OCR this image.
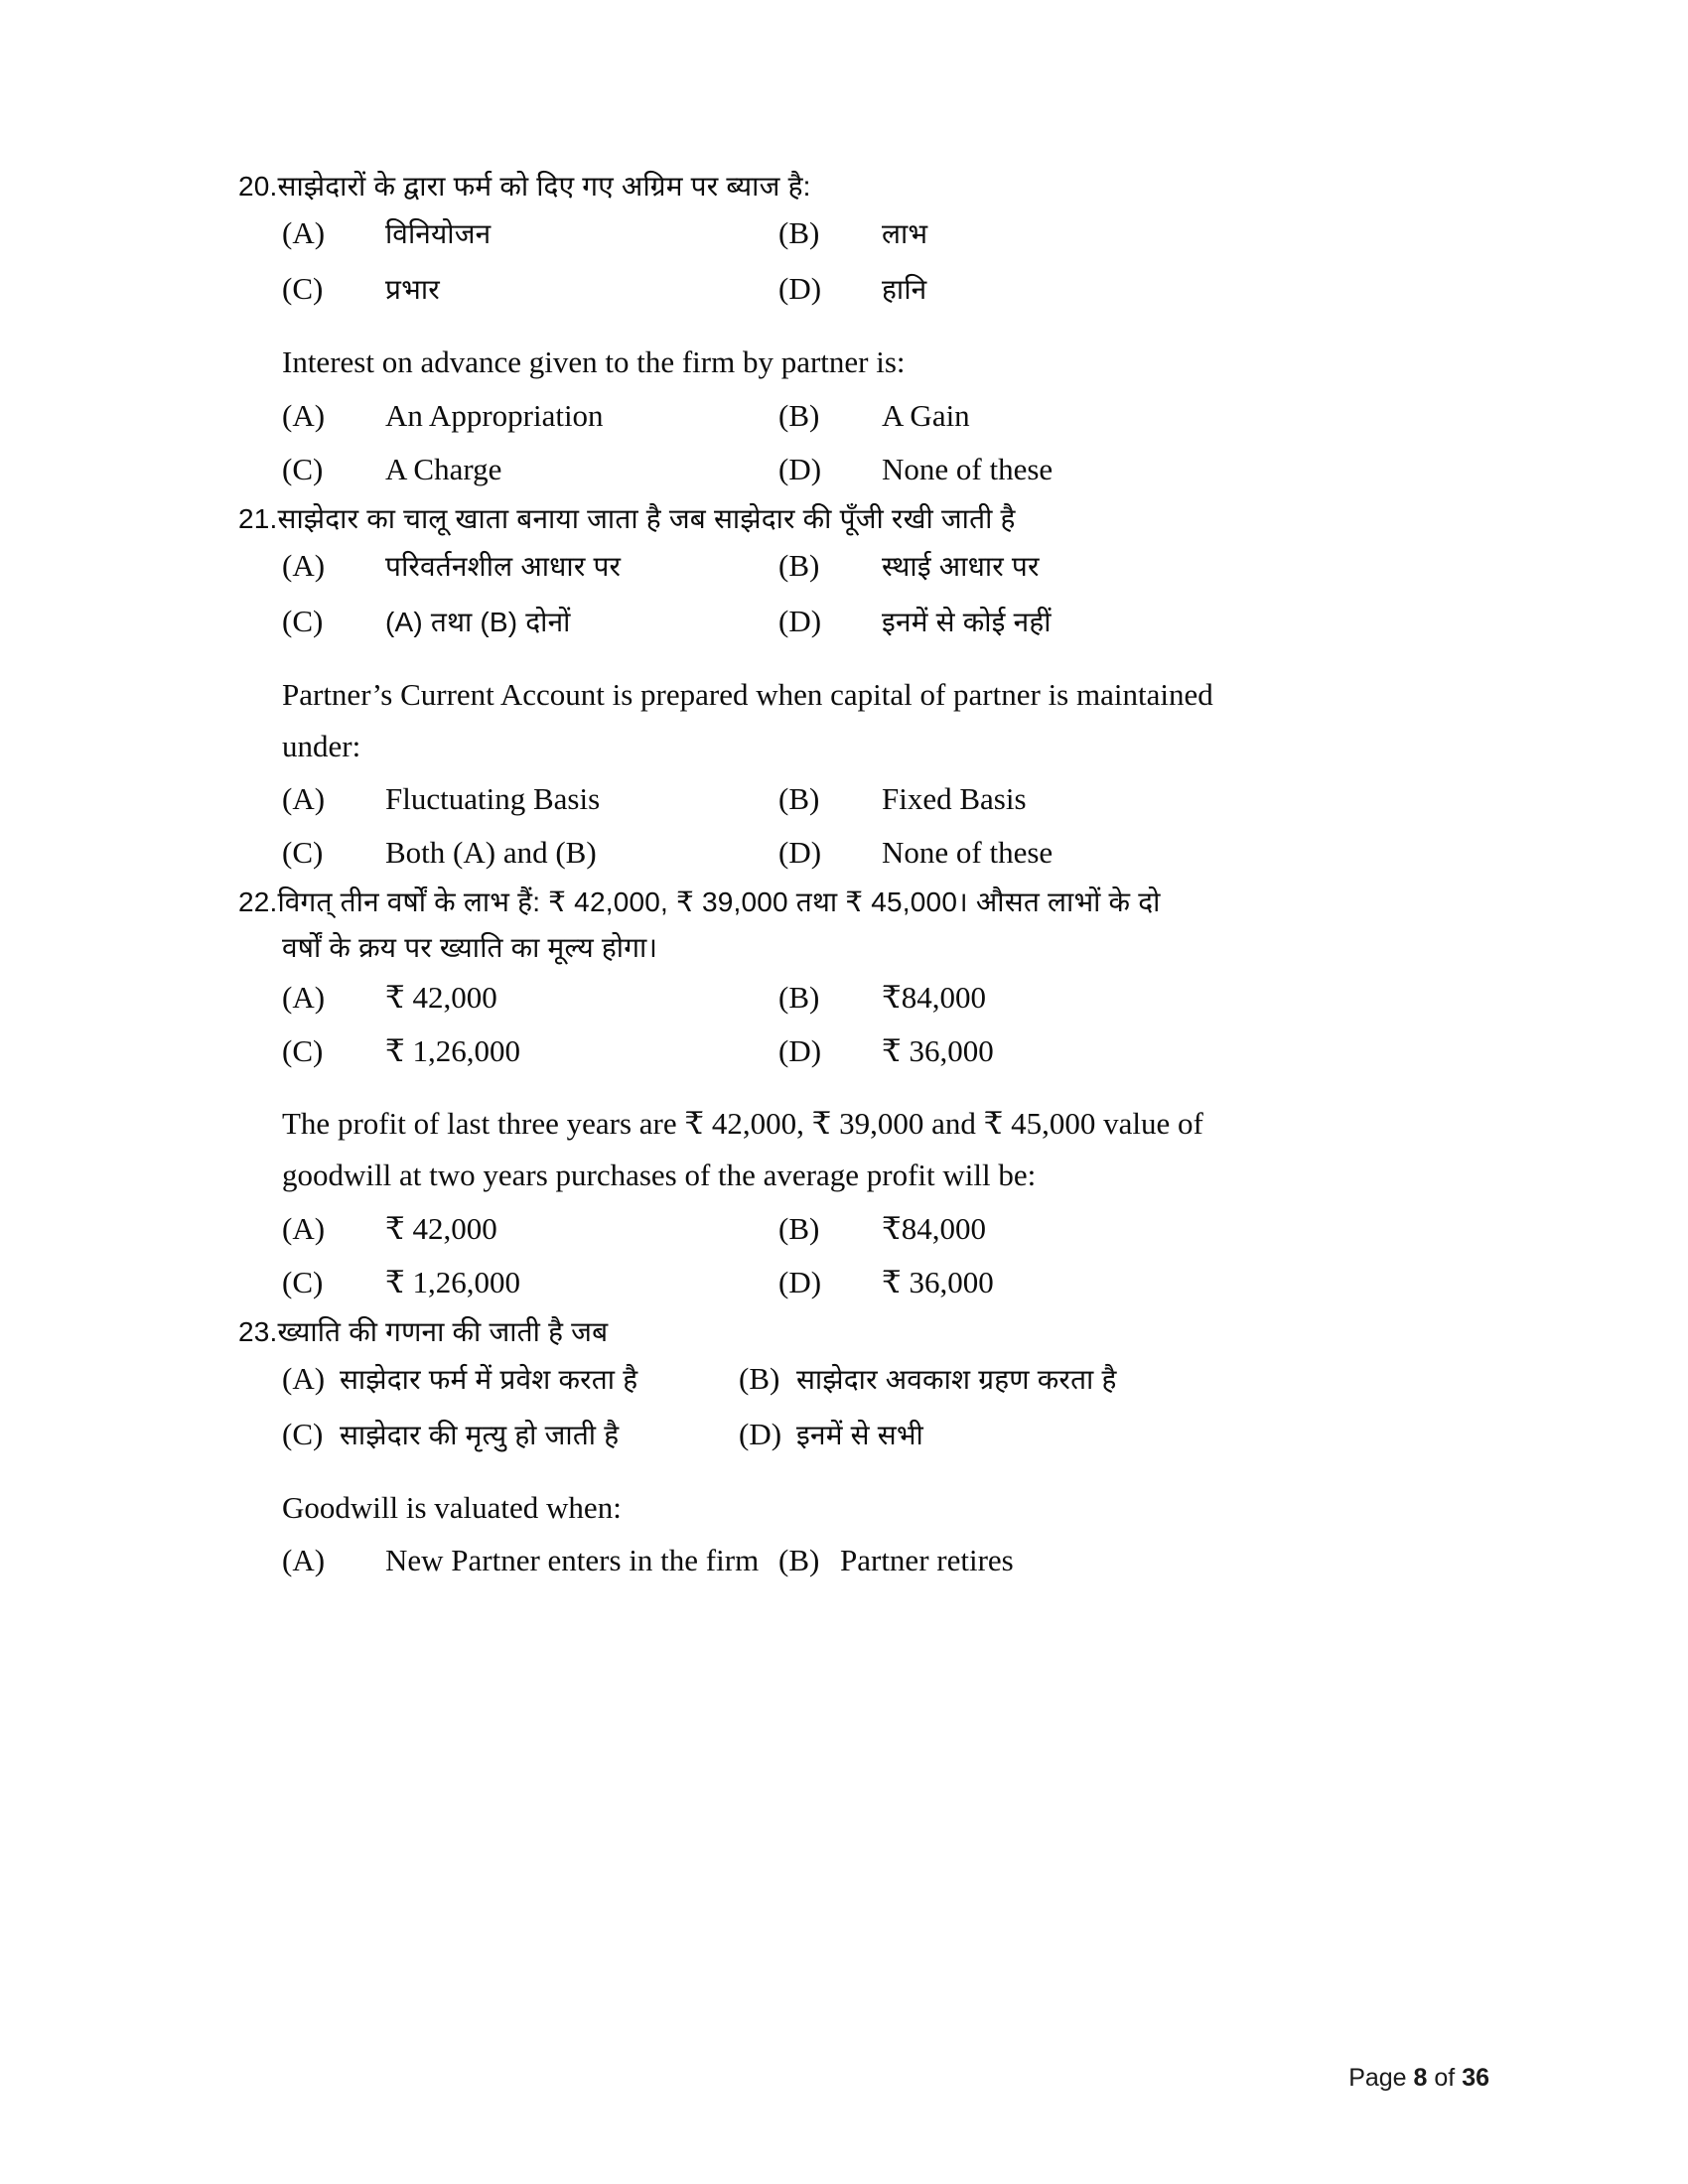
20. साझेदारों के द्वारा फर्म को दिए गए अग्रिम पर ब्याज है:
(A)	विनियोजन	(B)	लाभ
(C)	प्रभार	(D)	हानि
Interest on advance given to the firm by partner is:
(A)	An Appropriation	(B)	A Gain
(C)	A Charge	(D)	None of these
21. साझेदार का चालू खाता बनाया जाता है जब साझेदार की पूँजी रखी जाती है
(A)	परिवर्तनशील आधार पर	(B)	स्थाई आधार पर
(C)	(A) तथा (B) दोनों	(D)	इनमें से कोई नहीं
Partner’s Current Account is prepared when capital of partner is maintained
under:
(A)	Fluctuating Basis	(B)	Fixed Basis
(C)	Both (A) and (B)	(D)	None of these
22. विगत् तीन वर्षों के लाभ हैं: ₹ 42,000, ₹ 39,000 तथा ₹ 45,000। औसत लाभों के दो
वर्षों के क्रय पर ख्याति का मूल्य होगा।
(A)	₹ 42,000	(B)	₹84,000
(C)	₹ 1,26,000	(D)	₹ 36,000
The profit of last three years are ₹ 42,000, ₹ 39,000 and ₹ 45,000 value of
goodwill at two years purchases of the average profit will be:
(A)	₹ 42,000	(B)	₹84,000
(C)	₹ 1,26,000	(D)	₹ 36,000
23. ख्याति की गणना की जाती है जब
(A) साझेदार फर्म में प्रवेश करता है	(B) साझेदार अवकाश ग्रहण करता है
(C) साझेदार की मृत्यु हो जाती है	(D) इनमें से सभी
Goodwill is valuated when:
(A)	New Partner enters in the firm (B) Partner retires
Page 8 of 36
